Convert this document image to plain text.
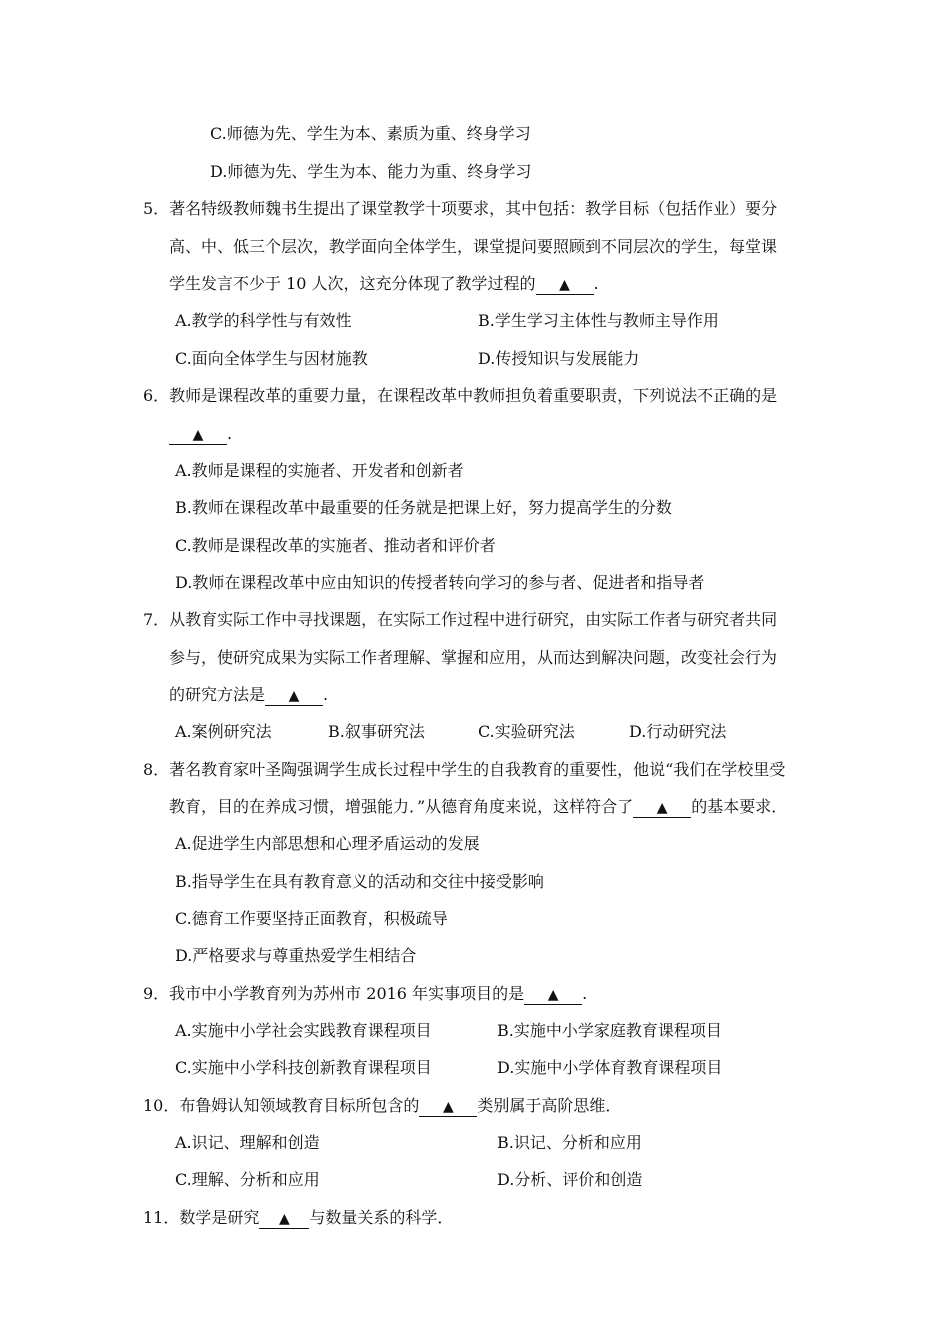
C.师德为先、学生为本、素质为重、终身学习
D.师德为先、学生为本、能力为重、终身学习
5．著名特级教师魏书生提出了课堂教学十项要求，其中包括：教学目标（包括作业）要分
高、中、低三个层次，教学面向全体学生，课堂提问要照顾到不同层次的学生，每堂课
学生发言不少于 10 人次，这充分体现了教学过程的 ▲ .
A.教学的科学性与有效性	B.学生学习主体性与教师主导作用
C.面向全体学生与因材施教	D.传授知识与发展能力
6．教师是课程改革的重要力量，在课程改革中教师担负着重要职责，下列说法不正确的是
▲ .
A.教师是课程的实施者、开发者和创新者
B.教师在课程改革中最重要的任务就是把课上好，努力提高学生的分数
C.教师是课程改革的实施者、推动者和评价者
D.教师在课程改革中应由知识的传授者转向学习的参与者、促进者和指导者
7．从教育实际工作中寻找课题，在实际工作过程中进行研究，由实际工作者与研究者共同
参与，使研究成果为实际工作者理解、掌握和应用，从而达到解决问题，改变社会行为
的研究方法是 ▲ .
A.案例研究法	B.叙事研究法	C.实验研究法	D.行动研究法
8．著名教育家叶圣陶强调学生成长过程中学生的自我教育的重要性，他说“我们在学校里受
教育，目的在养成习惯，增强能力．”从德育角度来说，这样符合了 ▲ 的基本要求．
A.促进学生内部思想和心理矛盾运动的发展
B.指导学生在具有教育意义的活动和交往中接受影响
C.德育工作要坚持正面教育，积极疏导
D.严格要求与尊重热爱学生相结合
9．我市中小学教育列为苏州市 2016 年实事项目的是 ▲ .
A.实施中小学社会实践教育课程项目	B.实施中小学家庭教育课程项目
C.实施中小学科技创新教育课程项目	D.实施中小学体育教育课程项目
10．布鲁姆认知领域教育目标所包含的 ▲ 类别属于高阶思维．
A.识记、理解和创造	B.识记、分析和应用
C.理解、分析和应用	D.分析、评价和创造
11．数学是研究 ▲ 与数量关系的科学．
